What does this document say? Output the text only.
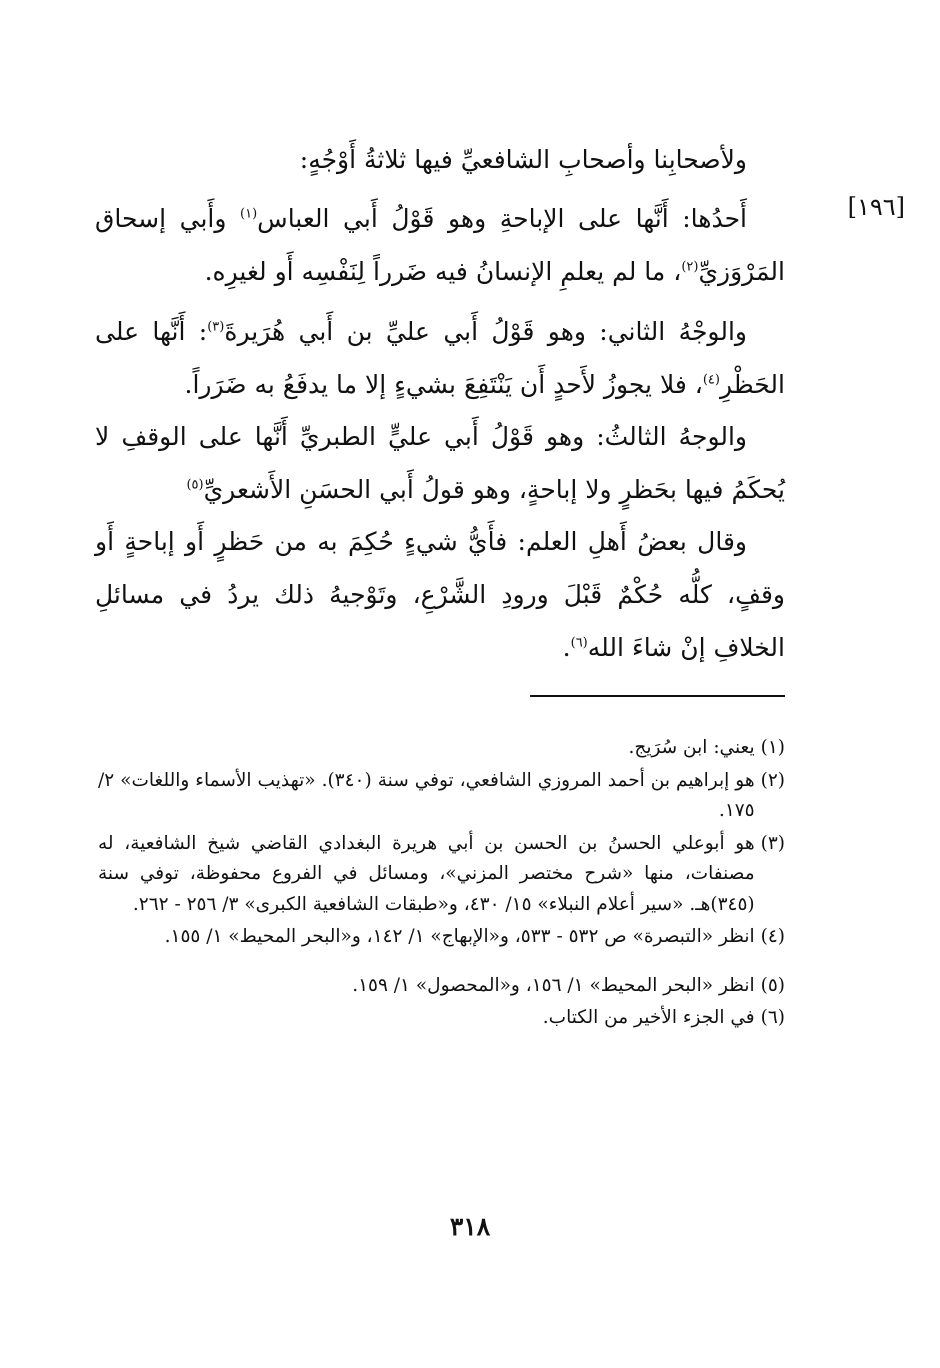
ولأصحابِنا وأصحابِ الشافعيِّ فيها ثلاثةُ أَوْجُهٍ:

[١٩٦]

أَحدُها: أَنَّها على الإباحةِ وهو قَوْلُ أَبي العباس$^{(١)}$ وأَبي إسحاق المَرْوَزيِّ$^{(٢)}$، ما لم يعلمِ الإنسانُ فيه ضَرراً لِنَفْسِه أَو لغيرِه.

والوجْهُ الثاني: وهو قَوْلُ أَبي عليِّ بن أَبي هُرَيرةَ$^{(٣)}$: أَنَّها على الحَظْرِ$^{(٤)}$، فلا يجوزُ لأَحدٍ أَن يَنْتَفِعَ بشيءٍ إلا ما يدفَعُ به ضَرَراً.

والوجهُ الثالثُ: وهو قَوْلُ أَبي عليٍّ الطبريِّ أَنَّها على الوقفِ لا يُحكَمُ فيها بحَظرٍ ولا إباحةٍ، وهو قولُ أَبي الحسَنِ الأَشعريِّ$^{(٥)}$

وقال بعضُ أَهلِ العلم: فأَيُّ شيءٍ حُكِمَ به من حَظرٍ أَو إباحةٍ أَو وقفٍ، كلُّه حُكْمٌ قَبْلَ ورودِ الشَّرْعِ، وتَوْجيهُ ذلك يردُ في مسائلِ الخلافِ إنْ شاءَ الله$^{(٦)}$.

(١)
يعني: ابن سُرَيج.
(٢)
هو إبراهيم بن أحمد المروزي الشافعي، توفي سنة (٣٤٠). «تهذيب الأسماء واللغات» ٢/ ١٧٥.
(٣)
هو أبوعلي الحسنُ بن الحسن بن أبي هريرة البغدادي القاضي شيخ الشافعية، له مصنفات، منها «شرح مختصر المزني»، ومسائل في الفروع محفوظة، توفي سنة (٣٤٥)هـ. «سير أعلام النبلاء» ١٥/ ٤٣٠، و«طبقات الشافعية الكبرى» ٣/ ٢٥٦ - ٢٦٢.
(٤)
انظر «التبصرة» ص ٥٣٢ - ٥٣٣، و«الإبهاج» ١/ ١٤٢، و«البحر المحيط» ١/ ١٥٥.
(٥)
انظر «البحر المحيط» ١/ ١٥٦، و«المحصول» ١/ ١٥٩.
(٦)
في الجزء الأخير من الكتاب.
٣١٨
